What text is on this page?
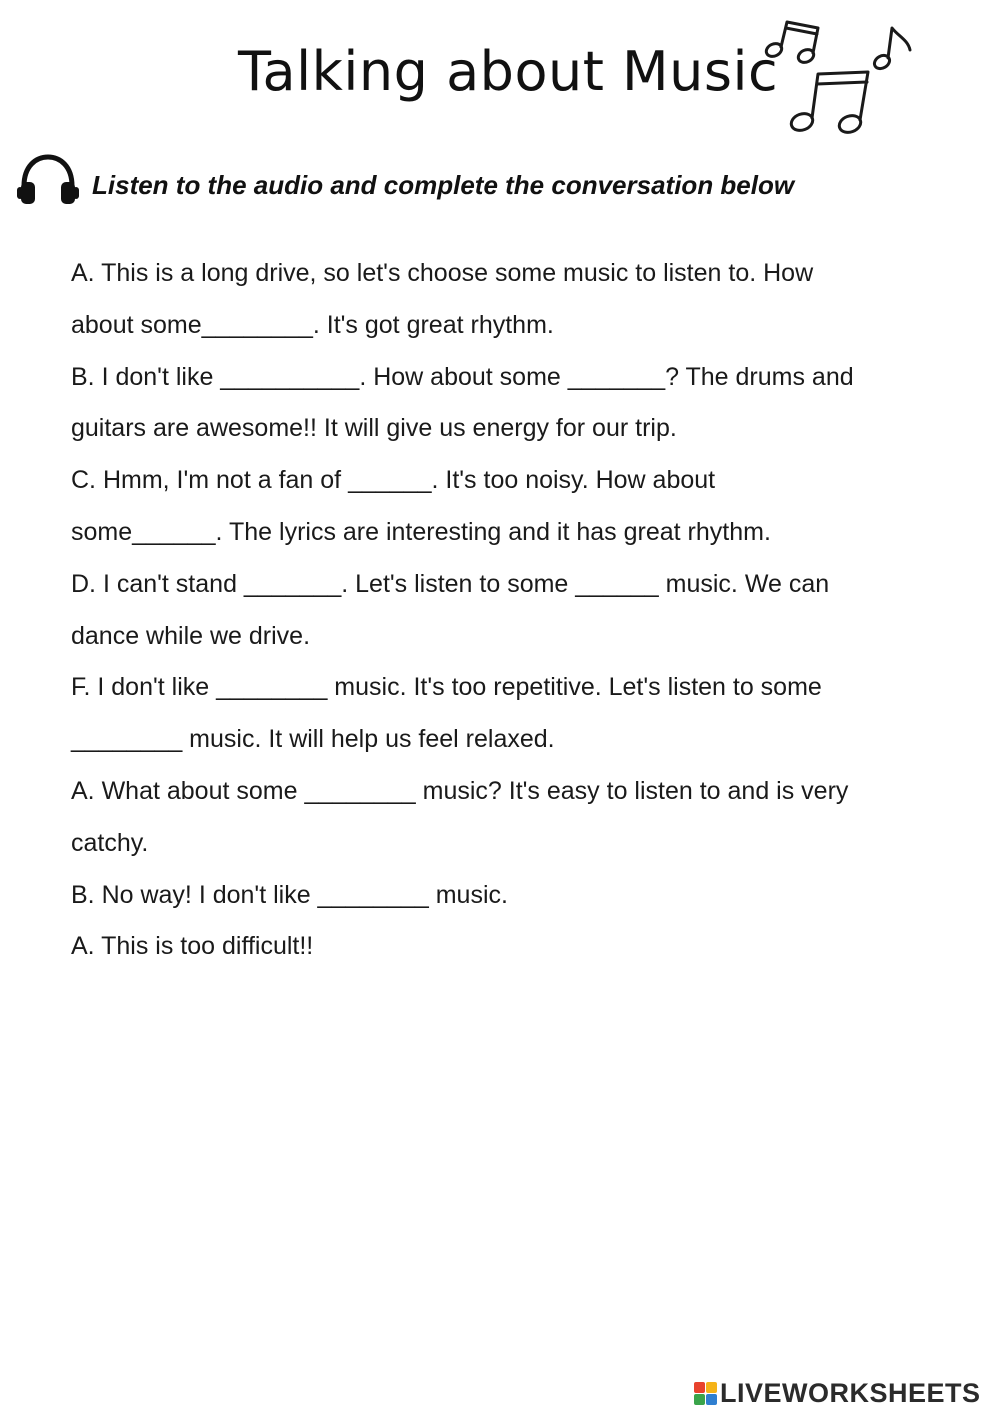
Talking about Music
Listen to the audio and complete the conversation below
A. This is a long drive, so let's choose some music to listen to. How
about some________. It's got great rhythm.
B. I don't like __________. How about some _______? The drums and
guitars are awesome!! It will give us energy for our trip.
C. Hmm, I'm not a fan of ______. It's too noisy. How about
some______. The lyrics are interesting and it has great rhythm.
D. I can't stand _______. Let's listen to some ______ music. We can
dance while we drive.
F. I don't like ________ music. It's too repetitive. Let's listen to some
________ music. It will help us feel relaxed.
A. What about some ________ music? It's easy to listen to and is very
catchy.
B. No way! I don't like ________ music.
A. This is too difficult!!
LIVEWORKSHEETS
